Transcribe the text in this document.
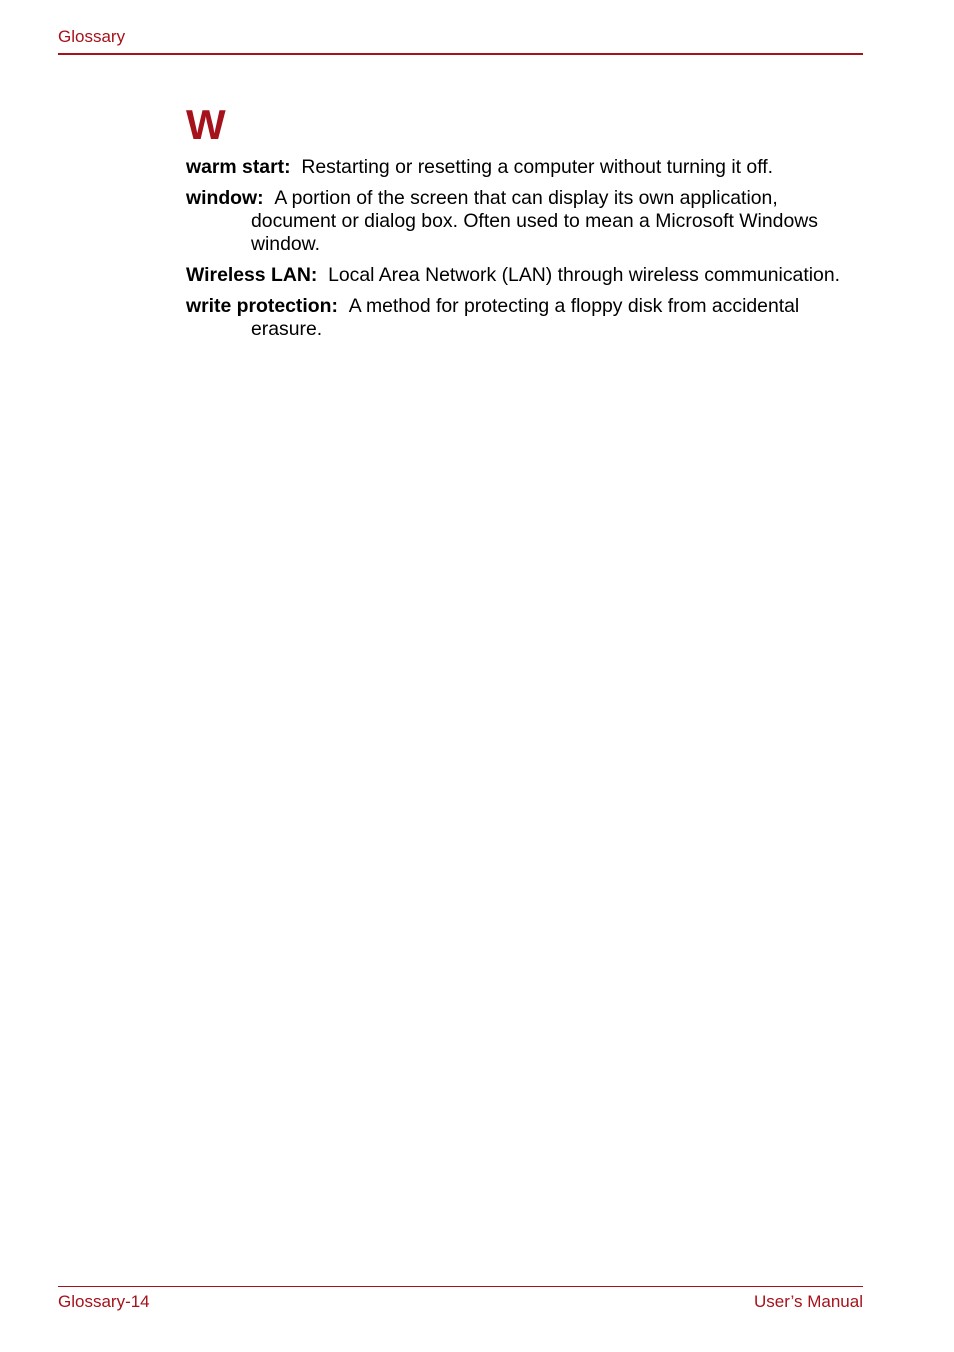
Glossary
W
warm start: Restarting or resetting a computer without turning it off.
window: A portion of the screen that can display its own application, document or dialog box. Often used to mean a Microsoft Windows window.
Wireless LAN: Local Area Network (LAN) through wireless communication.
write protection: A method for protecting a floppy disk from accidental erasure.
Glossary-14	User’s Manual
